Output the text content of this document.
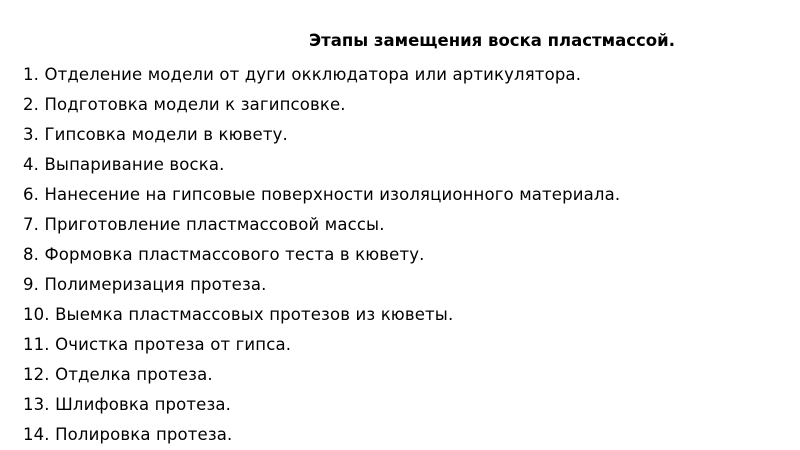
Этапы замещения воска пластмассой.
1. Отделение модели от дуги окклюдатора или артикулятора.
2. Подготовка модели к загипсовке.
3. Гипсовка модели в кювету.
4. Выпаривание воска.
6. Нанесение на гипсовые поверхности изоляционного материала.
7. Приготовление пластмассовой массы.
8. Формовка пластмассового теста в кювету.
9. Полимеризация протеза.
10. Выемка пластмассовых протезов из кюветы.
11. Очистка протеза от гипса.
12. Отделка протеза.
13. Шлифовка протеза.
14. Полировка протеза.
